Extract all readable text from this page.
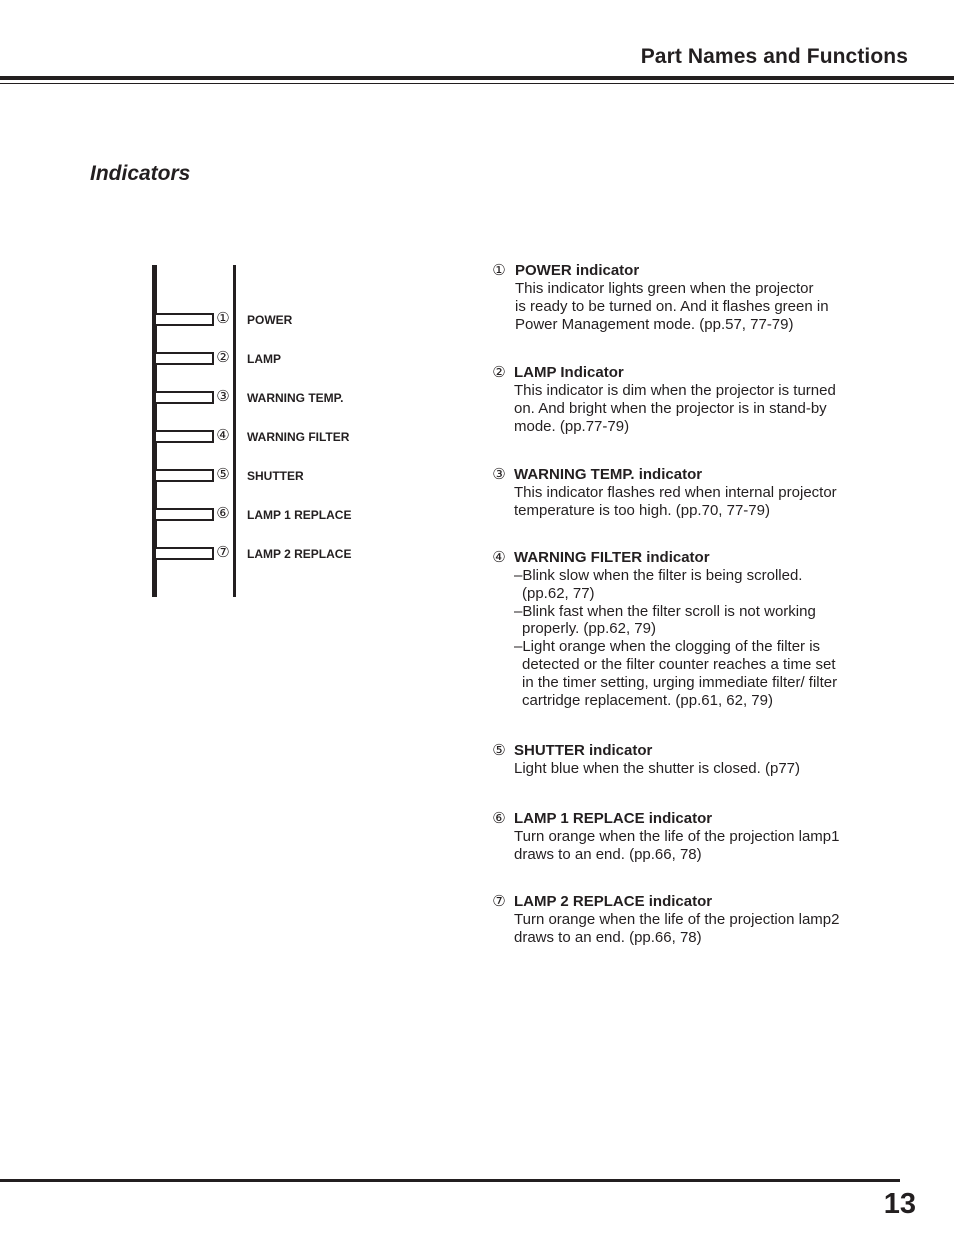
Part Names and Functions
Indicators
① POWER
② LAMP
③ WARNING TEMP.
④ WARNING FILTER
⑤ SHUTTER
⑥ LAMP 1 REPLACE
⑦ LAMP 2 REPLACE
① POWER indicator
This indicator lights green when the projector
is ready to be turned on. And it flashes green in
Power Management mode. (pp.57, 77-79)
② LAMP Indicator
This indicator is dim when the projector is turned
on. And bright when the projector is in stand-by
mode. (pp.77-79)
③ WARNING TEMP. indicator
This indicator flashes red when internal projector
temperature is too high. (pp.70, 77-79)
④ WARNING FILTER indicator
–Blink slow when the filter is being scrolled.
(pp.62, 77)
–Blink fast when the filter scroll is not working
properly. (pp.62, 79)
–Light orange when the clogging of the filter is
detected or the filter counter reaches a time set
in the timer setting, urging immediate filter/ filter
cartridge replacement. (pp.61, 62, 79)
⑤ SHUTTER indicator
Light blue when the shutter is closed. (p77)
⑥ LAMP 1 REPLACE indicator
Turn orange when the life of the projection lamp1
draws to an end. (pp.66, 78)
⑦ LAMP 2 REPLACE indicator
Turn orange when the life of the projection lamp2
draws to an end. (pp.66, 78)
13
